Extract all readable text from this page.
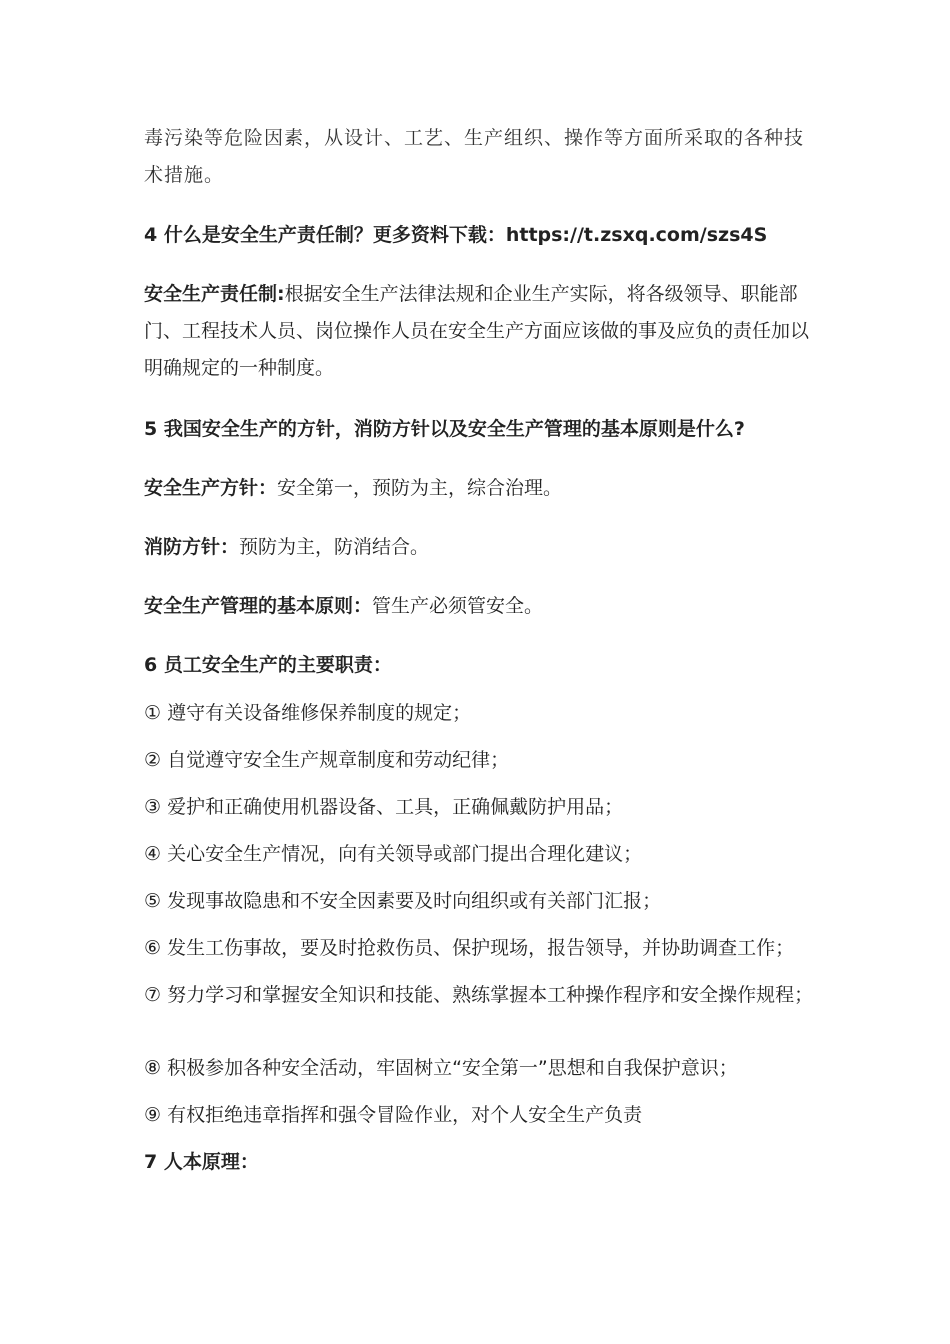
毒污染等危险因素，从设计、工艺、生产组织、操作等方面所采取的各种技
术措施。
4 什么是安全生产责任制？更多资料下载：https://t.zsxq.com/szs4S
安全生产责任制:根据安全生产法律法规和企业生产实际，将各级领导、职能部门、工程技术人员、岗位操作人员在安全生产方面应该做的事及应负的责任加以明确规定的一种制度。
5 我国安全生产的方针，消防方针以及安全生产管理的基本原则是什么?
安全生产方针：安全第一，预防为主，综合治理。
消防方针：预防为主，防消结合。
安全生产管理的基本原则：管生产必须管安全。
6 员工安全生产的主要职责：
① 遵守有关设备维修保养制度的规定；
② 自觉遵守安全生产规章制度和劳动纪律；
③ 爱护和正确使用机器设备、工具，正确佩戴防护用品；
④ 关心安全生产情况，向有关领导或部门提出合理化建议；
⑤ 发现事故隐患和不安全因素要及时向组织或有关部门汇报；
⑥ 发生工伤事故，要及时抢救伤员、保护现场，报告领导，并协助调查工作；
⑦ 努力学习和掌握安全知识和技能、熟练掌握本工种操作程序和安全操作规程；
⑧ 积极参加各种安全活动，牢固树立“安全第一”思想和自我保护意识；
⑨ 有权拒绝违章指挥和强令冒险作业，对个人安全生产负责
7 人本原理：
